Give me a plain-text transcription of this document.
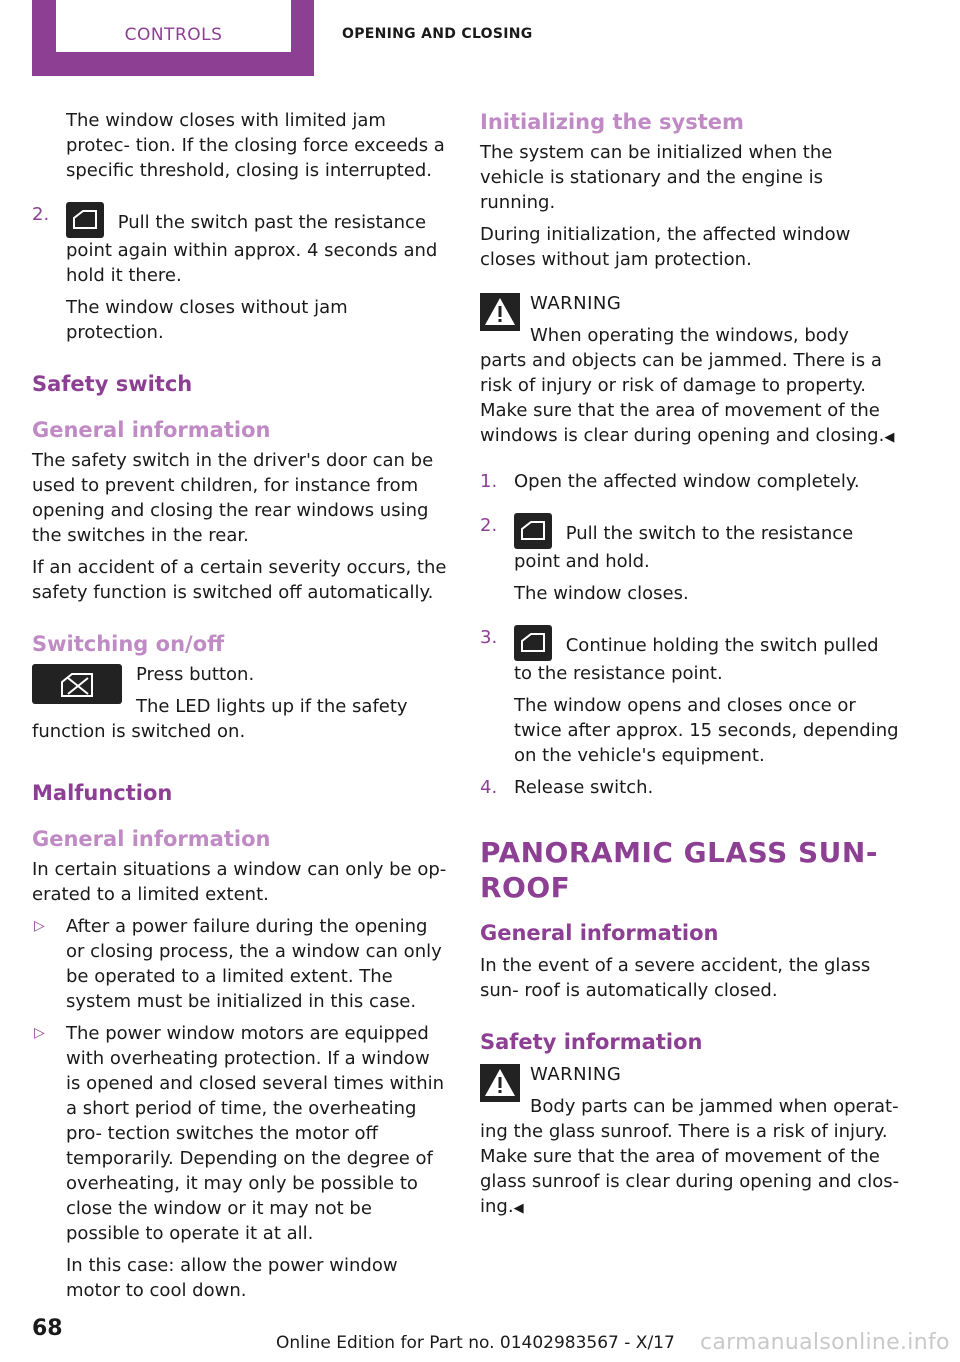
CONTROLS	OPENING AND CLOSING

The window closes with limited jam protec‐ tion. If the closing force exceeds a specific threshold, closing is interrupted.

2.	Pull the switch past the resistance point again within approx. 4 seconds and hold it there.

The window closes without jam protection.

Safety switch
General information

The safety switch in the driver's door can be used to prevent children, for instance from opening and closing the rear windows using the switches in the rear.

If an accident of a certain severity occurs, the safety function is switched off automatically.

Switching on/off

Press button.

The LED lights up if the safety function is switched on.

Malfunction
General information

In certain situations a window can only be op‐ erated to a limited extent.

▷ After a power failure during the opening or closing process, the a window can only be operated to a limited extent. The system must be initialized in this case.

▷ The power window motors are equipped with overheating protection. If a window is opened and closed several times within a short period of time, the overheating pro‐ tection switches the motor off temporarily. Depending on the degree of overheating, it may only be possible to close the window or it may not be possible to operate it at all.

In this case: allow the power window motor to cool down.

Initializing the system

The system can be initialized when the vehicle is stationary and the engine is running.

During initialization, the affected window closes without jam protection.

WARNING

When operating the windows, body parts and objects can be jammed. There is a risk of injury or risk of damage to property. Make sure that the area of movement of the windows is clear during opening and closing.◀

1. Open the affected window completely.

2.	Pull the switch to the resistance point and hold.

The window closes.

3.	Continue holding the switch pulled to the resistance point.

The window opens and closes once or twice after approx. 15 seconds, depending on the vehicle's equipment.

4. Release switch.

PANORAMIC GLASS SUN‐
ROOF
General information

In the event of a severe accident, the glass sun‐ roof is automatically closed.

Safety information

WARNING

Body parts can be jammed when operat‐ ing the glass sunroof. There is a risk of injury. Make sure that the area of movement of the glass sunroof is clear during opening and clos‐ ing.◀

68
Online Edition for Part no. 01402983567 - X/17 carmanualsonline.info
